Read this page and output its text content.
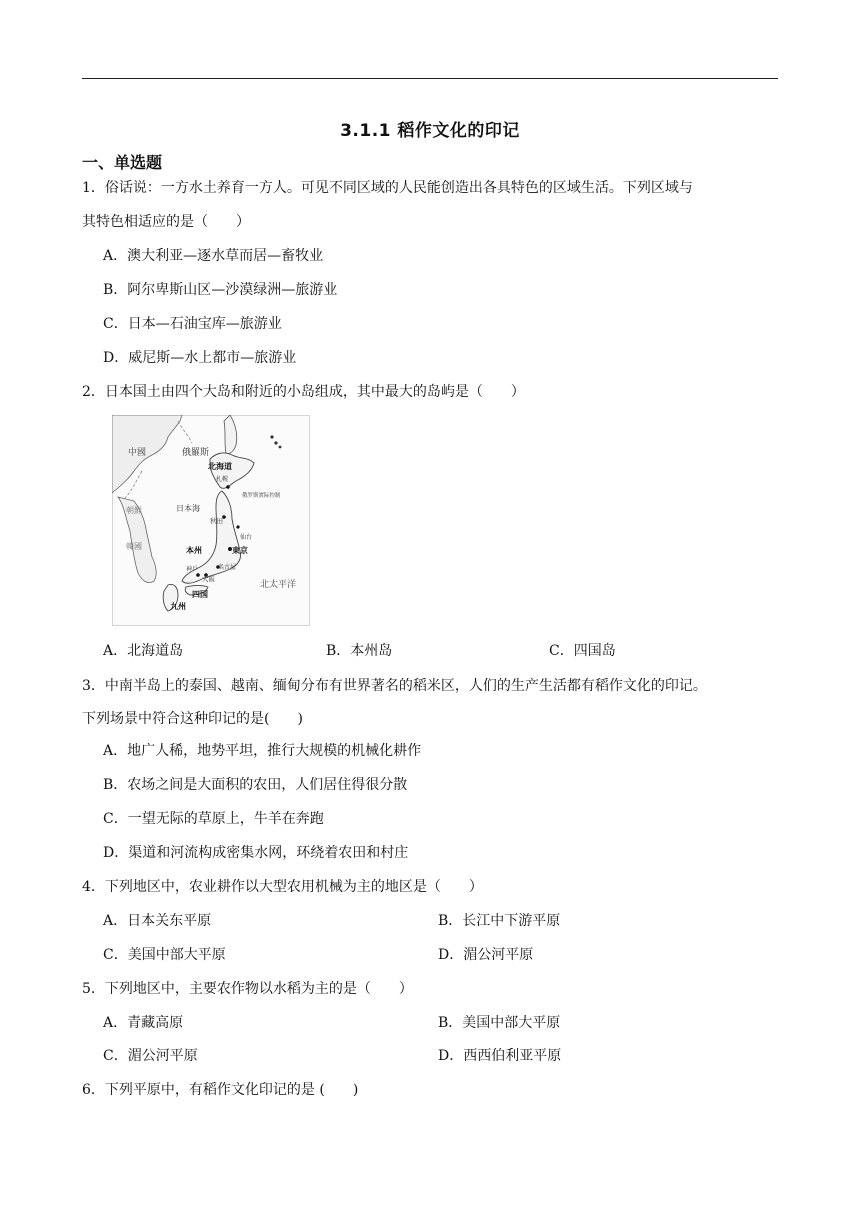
3.1.1 稻作文化的印记
一、单选题
1．俗话说：一方水土养育一方人。可见不同区域的人民能创造出各具特色的区域生活。下列区域与
其特色相适应的是（　　）
A．澳大利亚—逐水草而居—畜牧业
B．阿尔卑斯山区—沙漠绿洲—旅游业
C．日本—石油宝库—旅游业
D．威尼斯—水上都市—旅游业
2．日本国土由四个大岛和附近的小岛组成，其中最大的岛屿是（　　）
中國	俄羅斯
北海道
札幌
俄罗斯實际控制
日本海
朝鮮
秋田
仙台
韓國	本州	東京
名古屋
神戶
大阪
北太平洋
四国
九州
A．北海道岛	B．本州岛	C．四国岛
3．中南半岛上的泰国、越南、缅甸分布有世界著名的稻米区，人们的生产生活都有稻作文化的印记。
下列场景中符合这种印记的是(　　)
A．地广人稀，地势平坦，推行大规模的机械化耕作
B．农场之间是大面积的农田，人们居住得很分散
C．一望无际的草原上，牛羊在奔跑
D．渠道和河流构成密集水网，环绕着农田和村庄
4．下列地区中，农业耕作以大型农用机械为主的地区是（　　）
A．日本关东平原	B．长江中下游平原
C．美国中部大平原	D．湄公河平原
5．下列地区中，主要农作物以水稻为主的是（　　）
A．青藏高原	B．美国中部大平原
C．湄公河平原	D．西西伯利亚平原
6．下列平原中，有稻作文化印记的是 (　　)
